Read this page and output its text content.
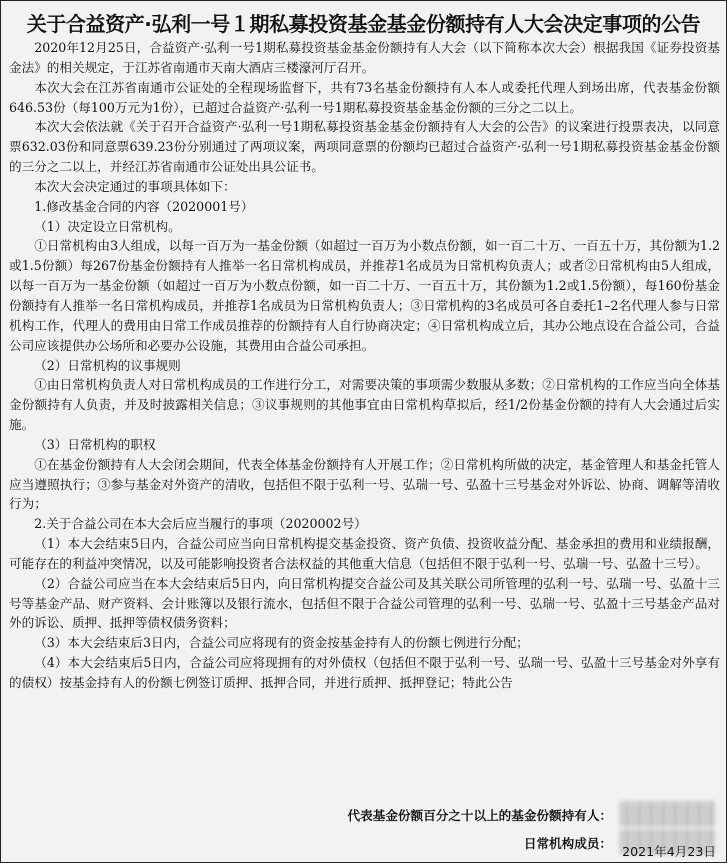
关于合益资产·弘利一号１期私募投资基金基金份额持有人大会决定事项的公告

2020年12月25日，合益资产·弘利一号1期私募投资基金基金份额持有人大会（以下简称本次大会）根据我国《证券投资基金法》的相关规定，于江苏省南通市天南大酒店三楼濠河厅召开。

本次大会在江苏省南通市公证处的全程现场监督下，共有73名基金份额持有人本人或委托代理人到场出席，代表基金份额646.53份（每100万元为1份），已超过合益资产·弘利一号1期私募投资基金基金份额的三分之二以上。

本次大会依法就《关于召开合益资产·弘利一号1期私募投资基金基金份额持有人大会的公告》的议案进行投票表决，以同意票632.03份和同意票639.23份分别通过了两项议案，两项同意票的份额均已超过合益资产·弘利一号1期私募投资基金基金份额的三分之二以上，并经江苏省南通市公证处出具公证书。

本次大会决定通过的事项具体如下：

1.修改基金合同的内容（2020001号）

（1）决定设立日常机构。

①日常机构由3人组成，以每一百万为一基金份额（如超过一百万为小数点份额，如一百二十万、一百五十万，其份额为1.2或1.5份额）每267份基金份额持有人推举一名日常机构成员，并推荐1名成员为日常机构负责人；或者②日常机构由5人组成，以每一百万为一基金份额（如超过一百万为小数点份额，如一百二十万、一百五十万，其份额为1.2或1.5份额），每160份基金份额持有人推举一名日常机构成员，并推荐1名成员为日常机构负责人；③日常机构的3名成员可各自委托1–2名代理人参与日常机构工作，代理人的费用由日常工作成员推荐的份额持有人自行协商决定；④日常机构成立后，其办公地点设在合益公司，合益公司应该提供办公场所和必要办公设施，其费用由合益公司承担。

（2）日常机构的议事规则

①由日常机构负责人对日常机构成员的工作进行分工，对需要决策的事项需少数服从多数；②日常机构的工作应当向全体基金份额持有人负责，并及时披露相关信息；③议事规则的其他事宜由日常机构草拟后，经1/2份基金份额的持有人大会通过后实施。

（3）日常机构的职权

①在基金份额持有人大会闭会期间，代表全体基金份额持有人开展工作；②日常机构所做的决定，基金管理人和基金托管人应当遵照执行；③参与基金对外资产的清收，包括但不限于弘利一号、弘瑞一号、弘盈十三号基金对外诉讼、协商、调解等清收行为；

2.关于合益公司在本大会后应当履行的事项（2020002号）

（1）本大会结束5日内，合益公司应当向日常机构提交基金投资、资产负债、投资收益分配、基金承担的费用和业绩报酬，可能存在的利益冲突情况，以及可能影响投资者合法权益的其他重大信息（包括但不限于弘利一号、弘瑞一号、弘盈十三号）。

（2）合益公司应当在本大会结束后5日内，向日常机构提交合益公司及其关联公司所管理的弘利一号、弘瑞一号、弘盈十三号等基金产品、财产资料、会计账簿以及银行流水，包括但不限于合益公司管理的弘利一号、弘瑞一号、弘盈十三号基金产品对外的诉讼、质押、抵押等债权债务资料；

（3）本大会结束后3日内，合益公司应将现有的资金按基金持有人的份额七例进行分配；

（4）本大会结束后5日内，合益公司应将现拥有的对外债权（包括但不限于弘利一号、弘瑞一号、弘盈十三号基金对外享有的债权）按基金持有人的份额七例签订质押、抵押合同，并进行质押、抵押登记；特此公告

代表基金份额百分之十以上的基金份额持有人：
日常机构成员：
2021年4月23日
